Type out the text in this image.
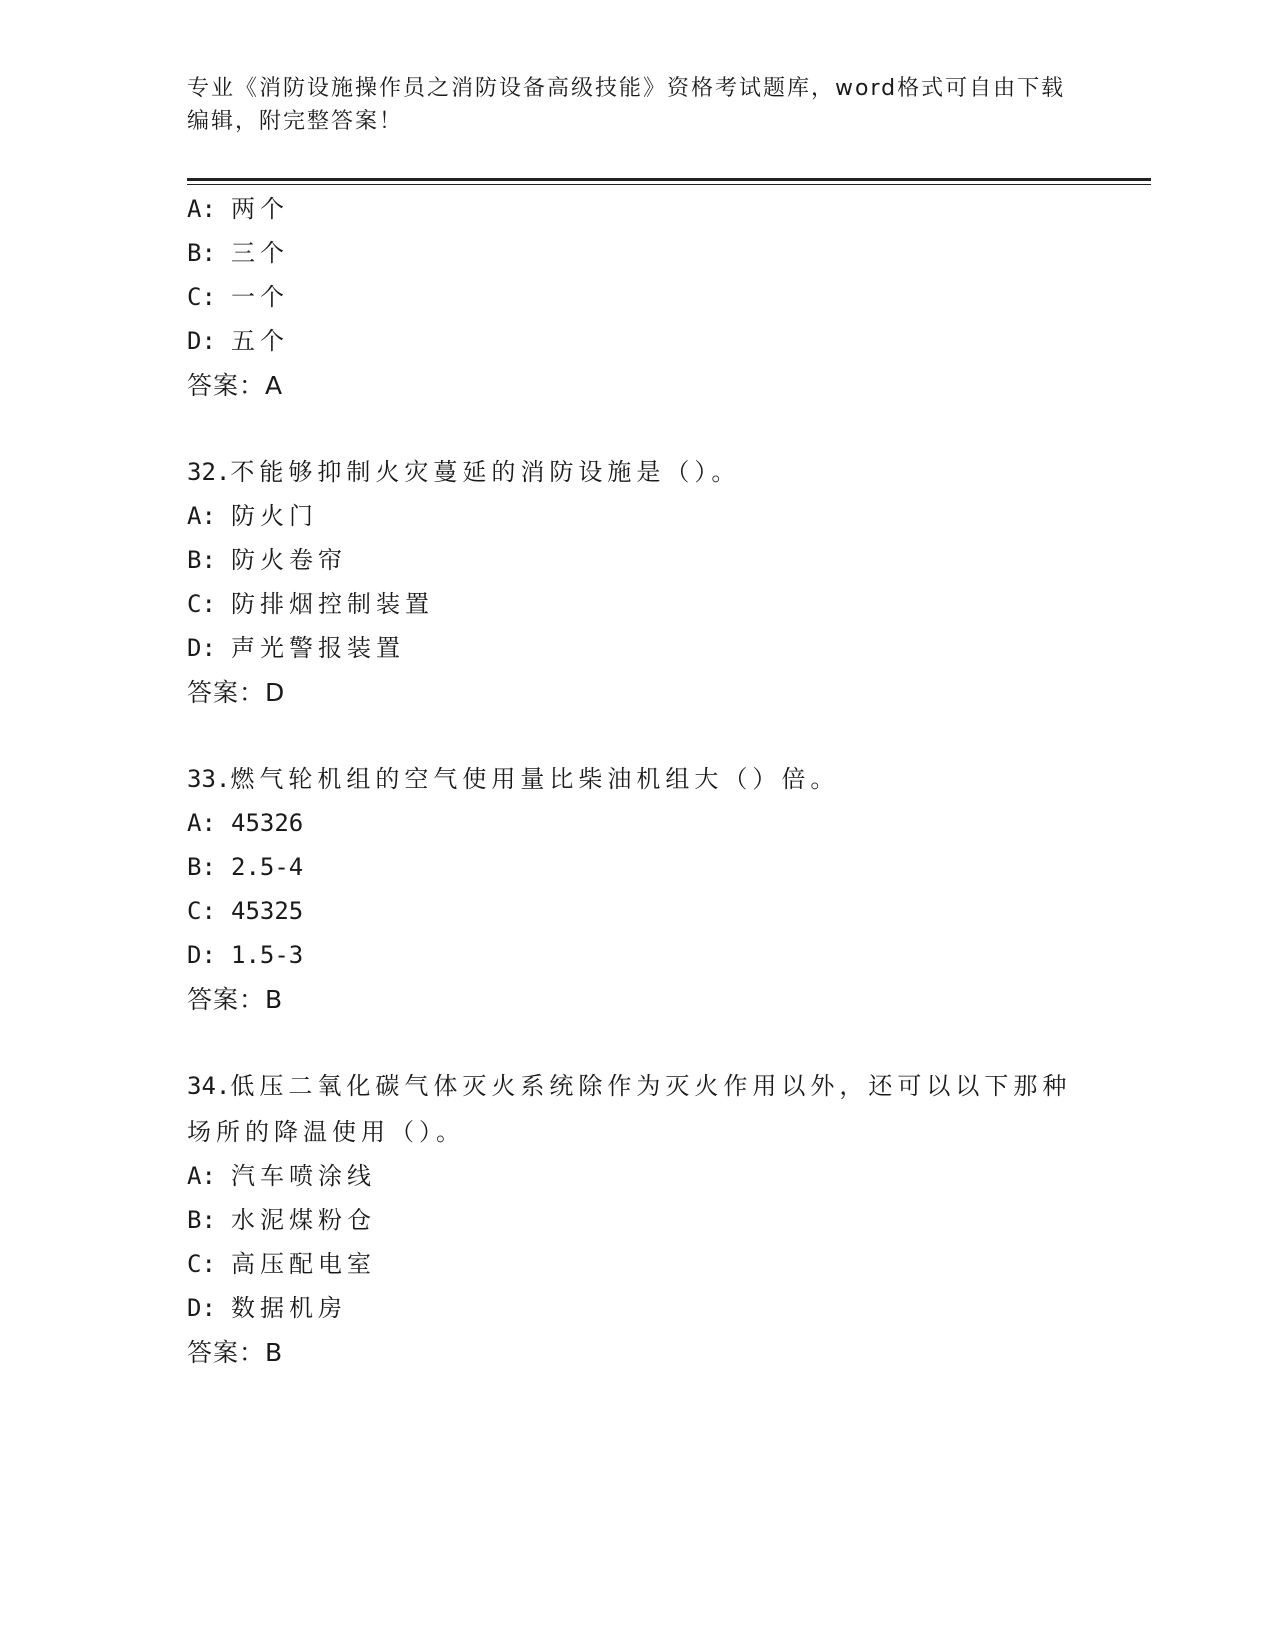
专业《消防设施操作员之消防设备高级技能》资格考试题库，word格式可自由下载编辑，附完整答案！
A: 两个
B: 三个
C: 一个
D: 五个
答案：A
32.不能够抑制火灾蔓延的消防设施是（）。
A: 防火门
B: 防火卷帘
C: 防排烟控制装置
D: 声光警报装置
答案：D
33.燃气轮机组的空气使用量比柴油机组大（）倍。
A: 45326
B: 2.5-4
C: 45325
D: 1.5-3
答案：B
34.低压二氧化碳气体灭火系统除作为灭火作用以外，还可以以下那种场所的降温使用（）。
A: 汽车喷涂线
B: 水泥煤粉仓
C: 高压配电室
D: 数据机房
答案：B
